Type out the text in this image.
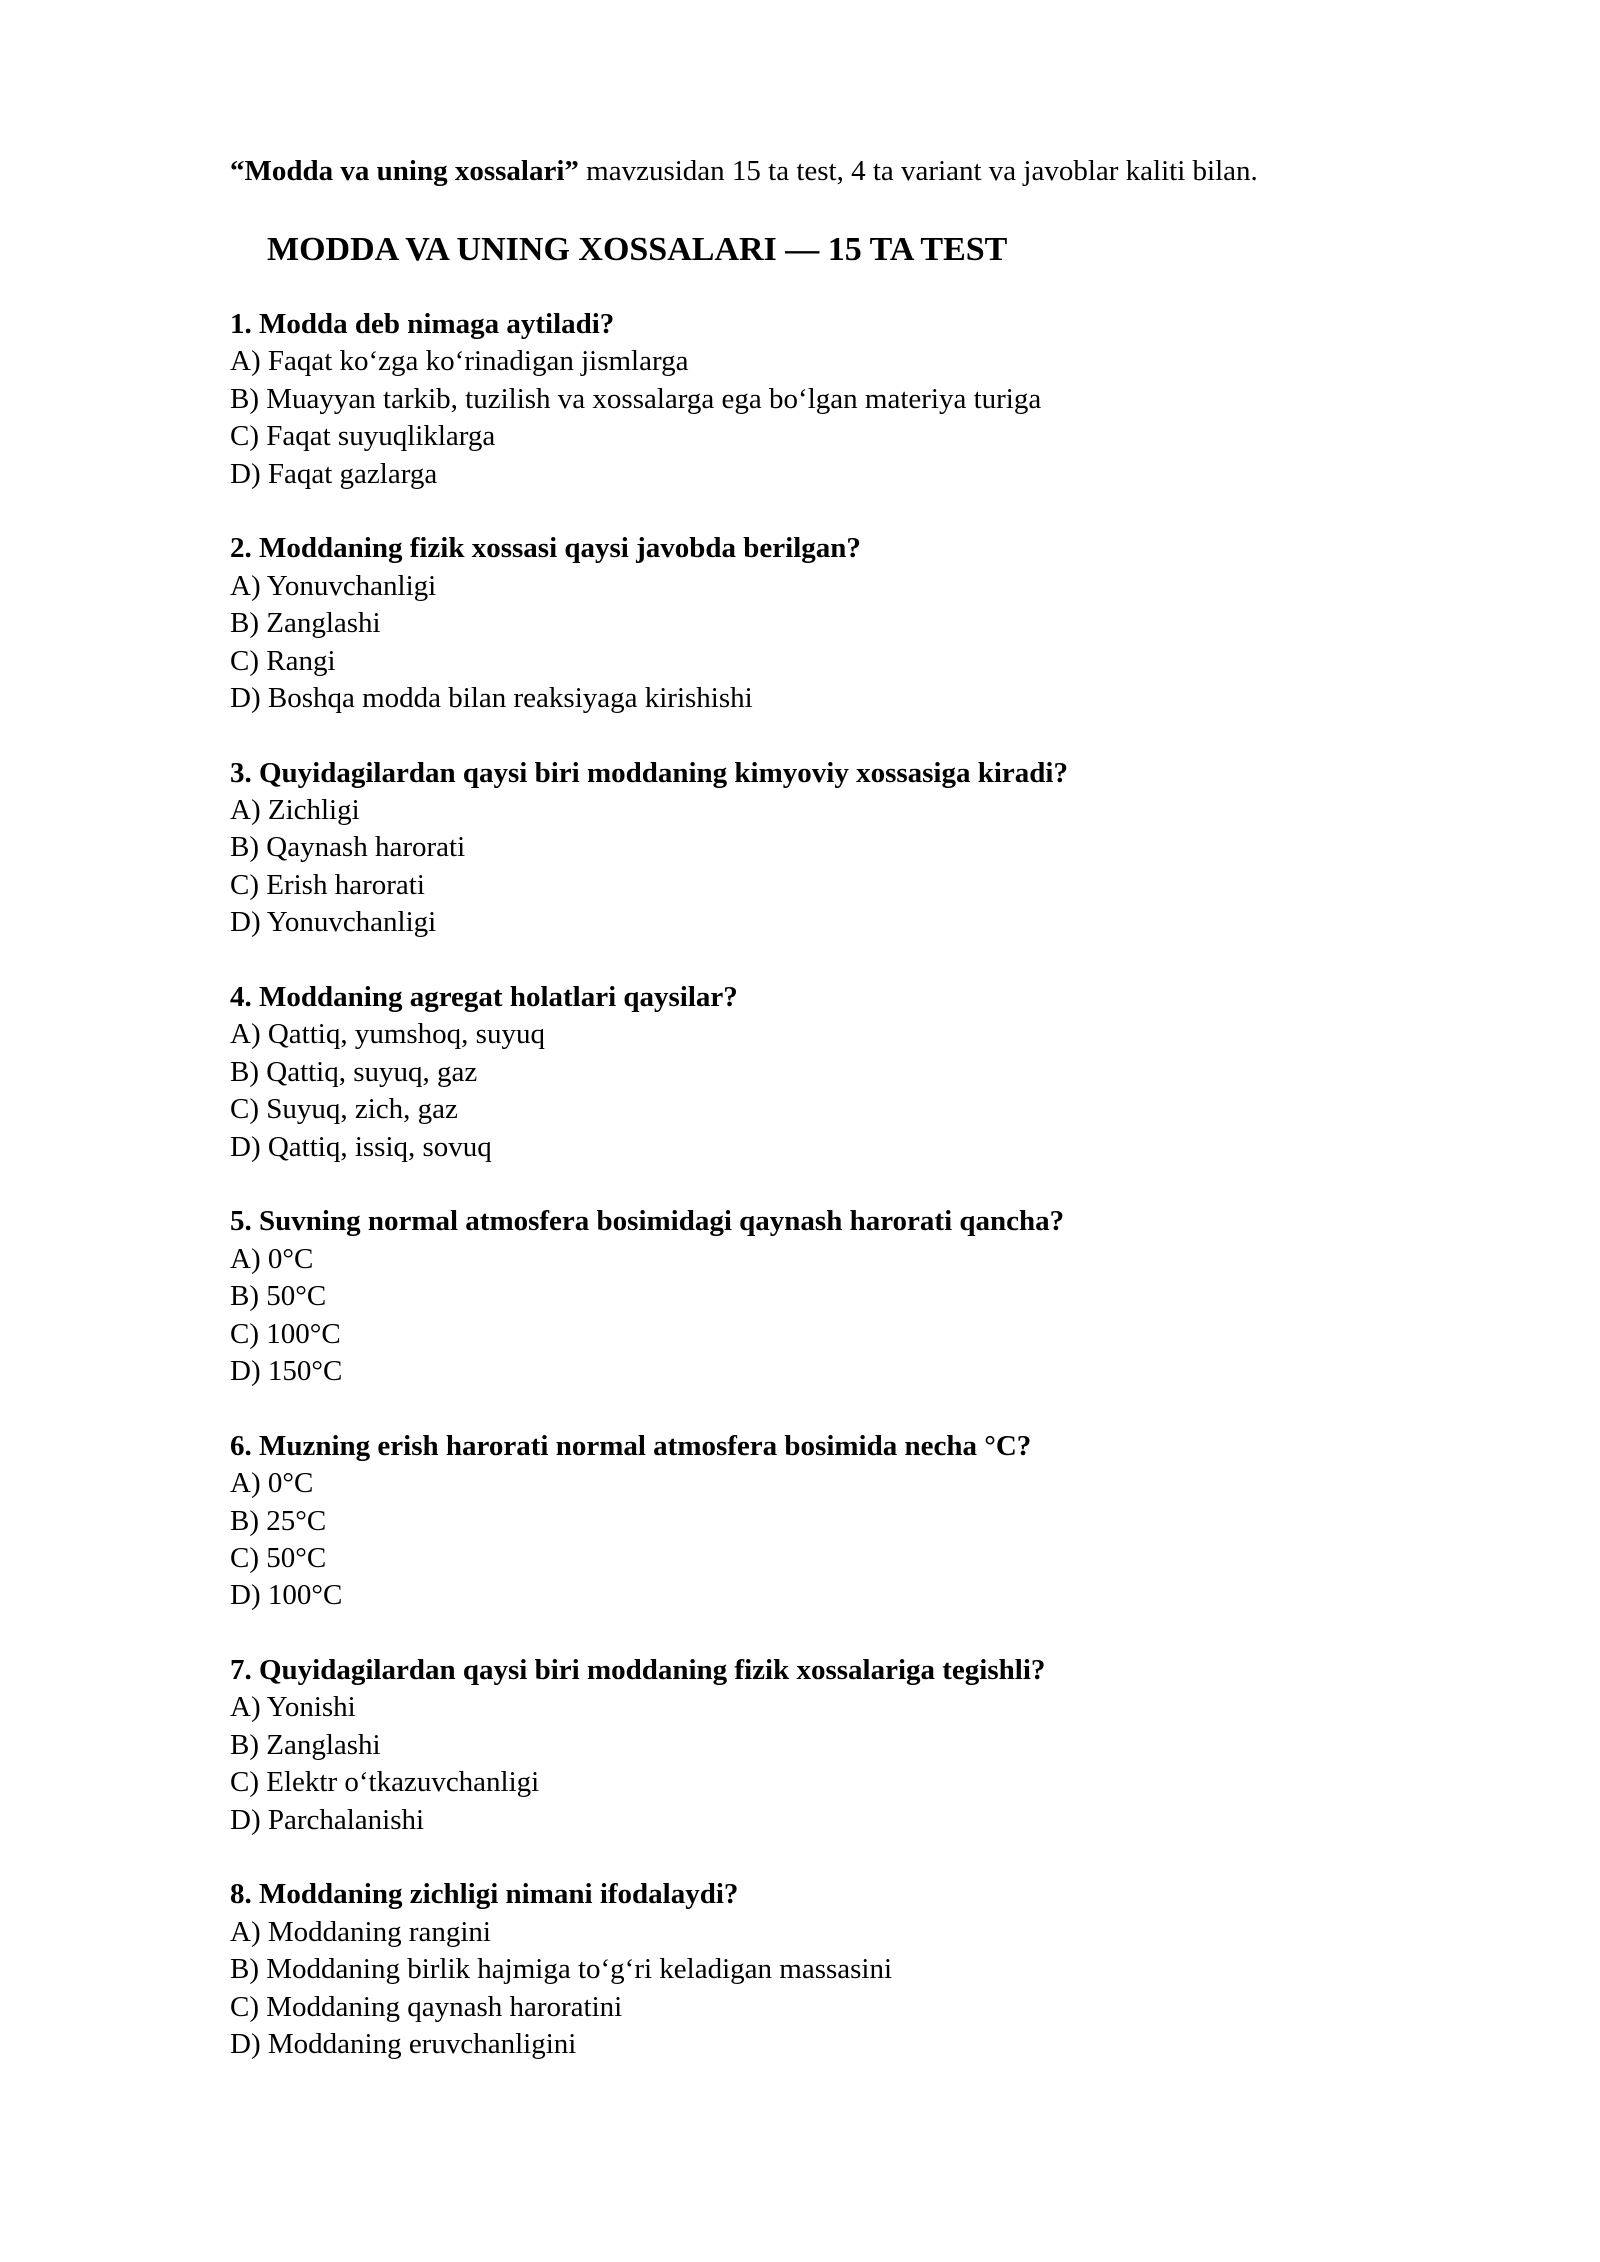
“Modda va uning xossalari” mavzusidan 15 ta test, 4 ta variant va javoblar kaliti bilan.
MODDA VA UNING XOSSALARI — 15 TA TEST
1. Modda deb nimaga aytiladi?
A) Faqat ko‘zga ko‘rinadigan jismlarga
B) Muayyan tarkib, tuzilish va xossalarga ega bo‘lgan materiya turiga
C) Faqat suyuqliklarga
D) Faqat gazlarga
2. Moddaning fizik xossasi qaysi javobda berilgan?
A) Yonuvchanligi
B) Zanglashi
C) Rangi
D) Boshqa modda bilan reaksiyaga kirishishi
3. Quyidagilardan qaysi biri moddaning kimyoviy xossasiga kiradi?
A) Zichligi
B) Qaynash harorati
C) Erish harorati
D) Yonuvchanligi
4. Moddaning agregat holatlari qaysilar?
A) Qattiq, yumshoq, suyuq
B) Qattiq, suyuq, gaz
C) Suyuq, zich, gaz
D) Qattiq, issiq, sovuq
5. Suvning normal atmosfera bosimidagi qaynash harorati qancha?
A) 0°C
B) 50°C
C) 100°C
D) 150°C
6. Muzning erish harorati normal atmosfera bosimida necha °C?
A) 0°C
B) 25°C
C) 50°C
D) 100°C
7. Quyidagilardan qaysi biri moddaning fizik xossalariga tegishli?
A) Yonishi
B) Zanglashi
C) Elektr o‘tkazuvchanligi
D) Parchalanishi
8. Moddaning zichligi nimani ifodalaydi?
A) Moddaning rangini
B) Moddaning birlik hajmiga to‘g‘ri keladigan massasini
C) Moddaning qaynash haroratini
D) Moddaning eruvchanligini
